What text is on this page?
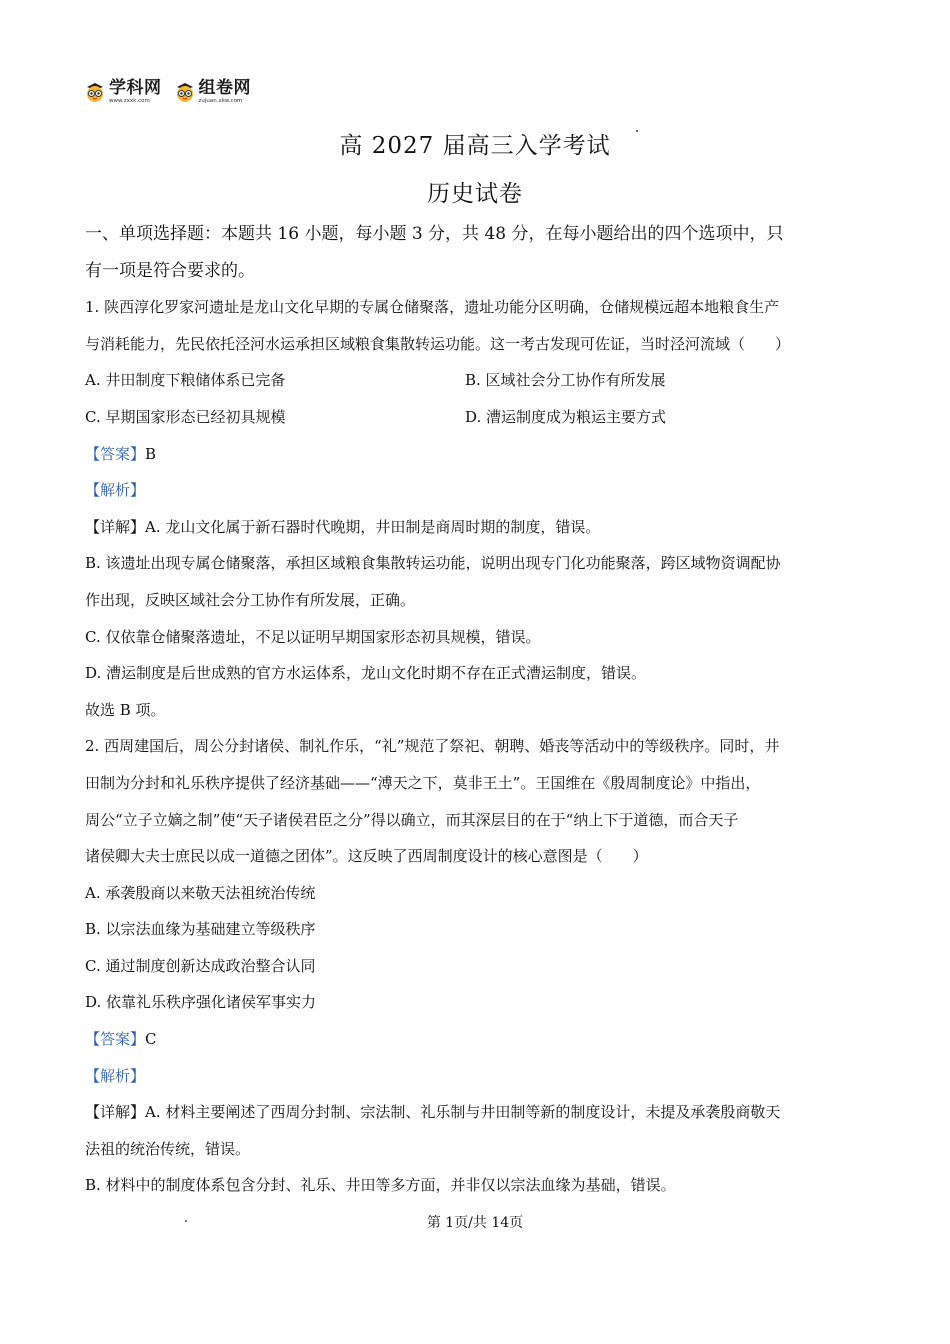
学科网
www.zxxk.com
组卷网
zujuan.xkw.com
高 2027 届高三入学考试
历史试卷
一、单项选择题：本题共 16 小题，每小题 3 分，共 48 分，在每小题给出的四个选项中，只
有一项是符合要求的。
1. 陕西淳化罗家河遗址是龙山文化早期的专属仓储聚落，遗址功能分区明确，仓储规模远超本地粮食生产
与消耗能力，先民依托泾河水运承担区域粮食集散转运功能。这一考古发现可佐证，当时泾河流域（　　）
A. 井田制度下粮储体系已完备	B. 区域社会分工协作有所发展
C. 早期国家形态已经初具规模	D. 漕运制度成为粮运主要方式
【答案】B
【解析】
【详解】A. 龙山文化属于新石器时代晚期，井田制是商周时期的制度，错误。
B. 该遗址出现专属仓储聚落，承担区域粮食集散转运功能，说明出现专门化功能聚落，跨区域物资调配协
作出现，反映区域社会分工协作有所发展，正确。
C. 仅依靠仓储聚落遗址，不足以证明早期国家形态初具规模，错误。
D. 漕运制度是后世成熟的官方水运体系，龙山文化时期不存在正式漕运制度，错误。
故选 B 项。
2. 西周建国后，周公分封诸侯、制礼作乐，“礼”规范了祭祀、朝聘、婚丧等活动中的等级秩序。同时，井
田制为分封和礼乐秩序提供了经济基础——“溥天之下，莫非王土”。王国维在《殷周制度论》中指出，
周公“立子立嫡之制”使“天子诸侯君臣之分”得以确立，而其深层目的在于“纳上下于道德，而合天子
诸侯卿大夫士庶民以成一道德之团体”。这反映了西周制度设计的核心意图是（　　）
A. 承袭殷商以来敬天法祖统治传统
B. 以宗法血缘为基础建立等级秩序
C. 通过制度创新达成政治整合认同
D. 依靠礼乐秩序强化诸侯军事实力
【答案】C
【解析】
【详解】A. 材料主要阐述了西周分封制、宗法制、礼乐制与井田制等新的制度设计，未提及承袭殷商敬天
法祖的统治传统，错误。
B. 材料中的制度体系包含分封、礼乐、井田等多方面，并非仅以宗法血缘为基础，错误。
第 1页/共 14页
